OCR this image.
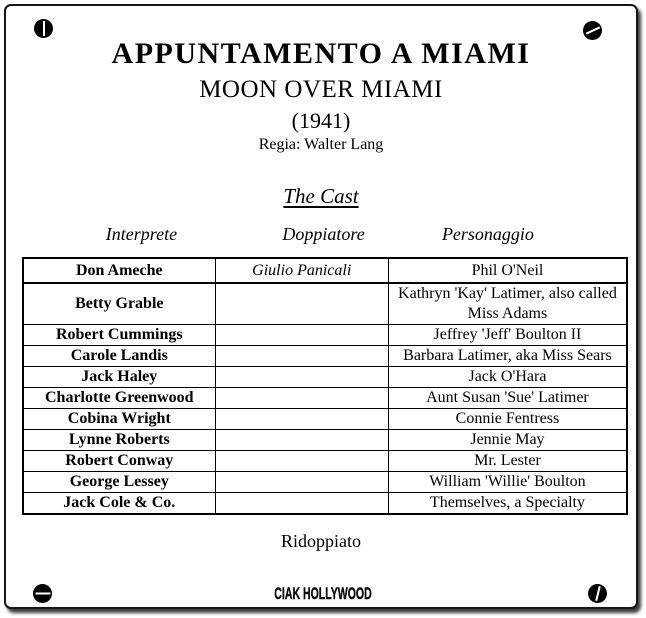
APPUNTAMENTO A MIAMI
MOON OVER MIAMI
(1941)
Regia: Walter Lang
The Cast
Interprete	Doppiatore	Personaggio
Don Ameche	Giulio Panicali	Phil O'Neil
Betty Grable		Kathryn 'Kay' Latimer, also called Miss Adams
Robert Cummings		Jeffrey 'Jeff' Boulton II
Carole Landis		Barbara Latimer, aka Miss Sears
Jack Haley		Jack O'Hara
Charlotte Greenwood		Aunt Susan 'Sue' Latimer
Cobina Wright		Connie Fentress
Lynne Roberts		Jennie May
Robert Conway		Mr. Lester
George Lessey		William 'Willie' Boulton
Jack Cole & Co.		Themselves, a Specialty
Ridoppiato
CIAK HOLLYWOOD
